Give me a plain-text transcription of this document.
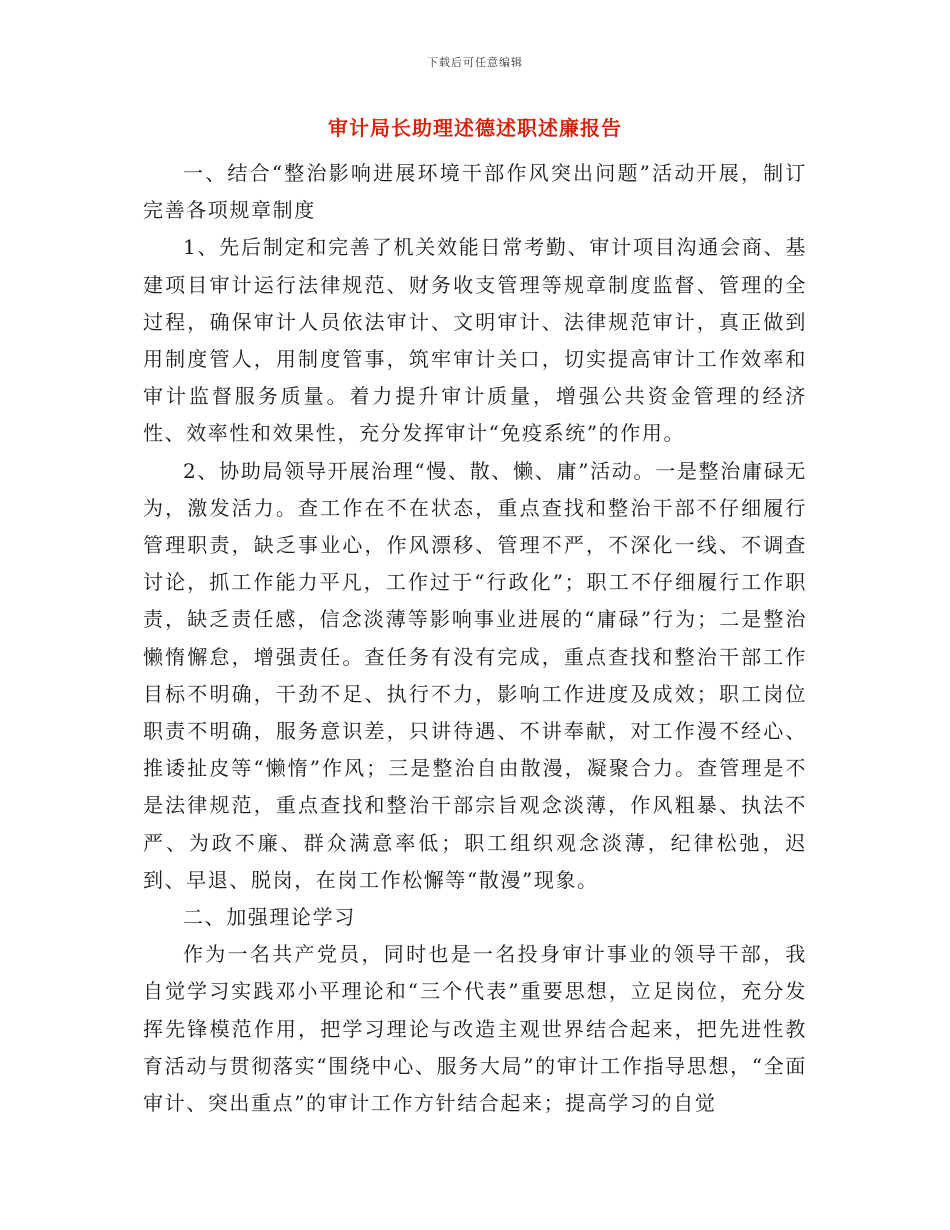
下载后可任意编辑
审计局长助理述德述职述廉报告

一、结合“整治影响进展环境干部作风突出问题”活动开展，制订完善各项规章制度

1、先后制定和完善了机关效能日常考勤、审计项目沟通会商、基建项目审计运行法律规范、财务收支管理等规章制度监督、管理的全过程，确保审计人员依法审计、文明审计、法律规范审计，真正做到用制度管人，用制度管事，筑牢审计关口，切实提高审计工作效率和审计监督服务质量。着力提升审计质量，增强公共资金管理的经济性、效率性和效果性，充分发挥审计“免疫系统”的作用。

2、协助局领导开展治理“慢、散、懒、庸”活动。一是整治庸碌无为，激发活力。查工作在不在状态，重点查找和整治干部不仔细履行管理职责，缺乏事业心，作风漂移、管理不严，不深化一线、不调查讨论，抓工作能力平凡，工作过于“行政化”；职工不仔细履行工作职责，缺乏责任感，信念淡薄等影响事业进展的“庸碌”行为；二是整治懒惰懈怠，增强责任。查任务有没有完成，重点查找和整治干部工作目标不明确，干劲不足、执行不力，影响工作进度及成效；职工岗位职责不明确，服务意识差，只讲待遇、不讲奉献，对工作漫不经心、推诿扯皮等“懒惰”作风；三是整治自由散漫，凝聚合力。查管理是不是法律规范，重点查找和整治干部宗旨观念淡薄，作风粗暴、执法不严、为政不廉、群众满意率低；职工组织观念淡薄，纪律松弛，迟到、早退、脱岗，在岗工作松懈等“散漫”现象。

二、加强理论学习

作为一名共产党员，同时也是一名投身审计事业的领导干部，我自觉学习实践邓小平理论和“三个代表”重要思想，立足岗位，充分发挥先锋模范作用，把学习理论与改造主观世界结合起来，把先进性教育活动与贯彻落实“围绕中心、服务大局”的审计工作指导思想，“全面审计、突出重点”的审计工作方针结合起来；提高学习的自觉
